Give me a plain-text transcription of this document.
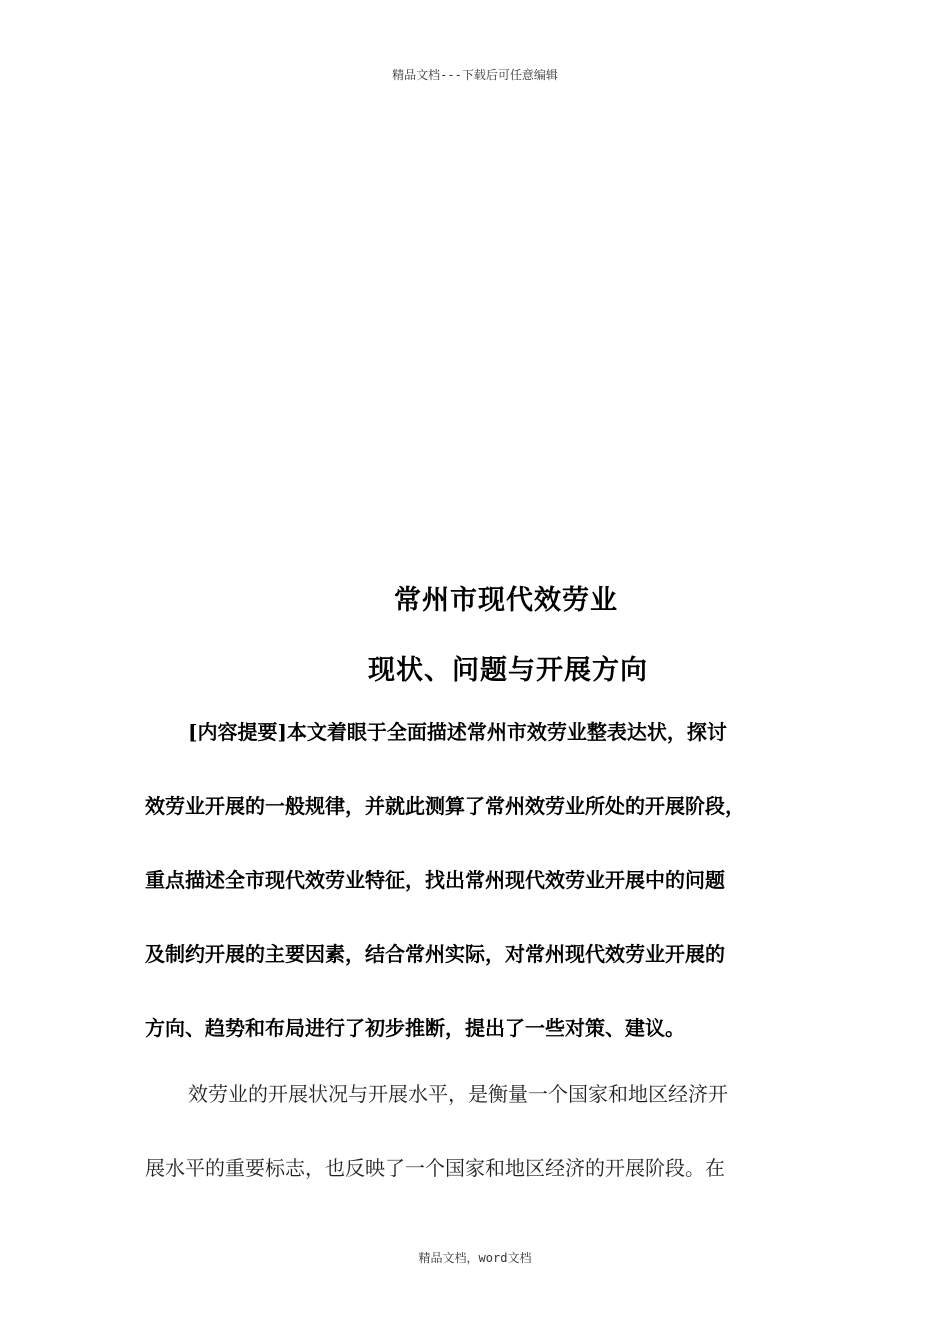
精品文档---下载后可任意编辑
常州市现代效劳业
现状、问题与开展方向
[内容提要]本文着眼于全面描述常州市效劳业整表达状，探讨
效劳业开展的一般规律，并就此测算了常州效劳业所处的开展阶段，
重点描述全市现代效劳业特征，找出常州现代效劳业开展中的问题
及制约开展的主要因素，结合常州实际，对常州现代效劳业开展的
方向、趋势和布局进行了初步推断，提出了一些对策、建议。
效劳业的开展状况与开展水平，是衡量一个国家和地区经济开
展水平的重要标志，也反映了一个国家和地区经济的开展阶段。在
精品文档，word文档
